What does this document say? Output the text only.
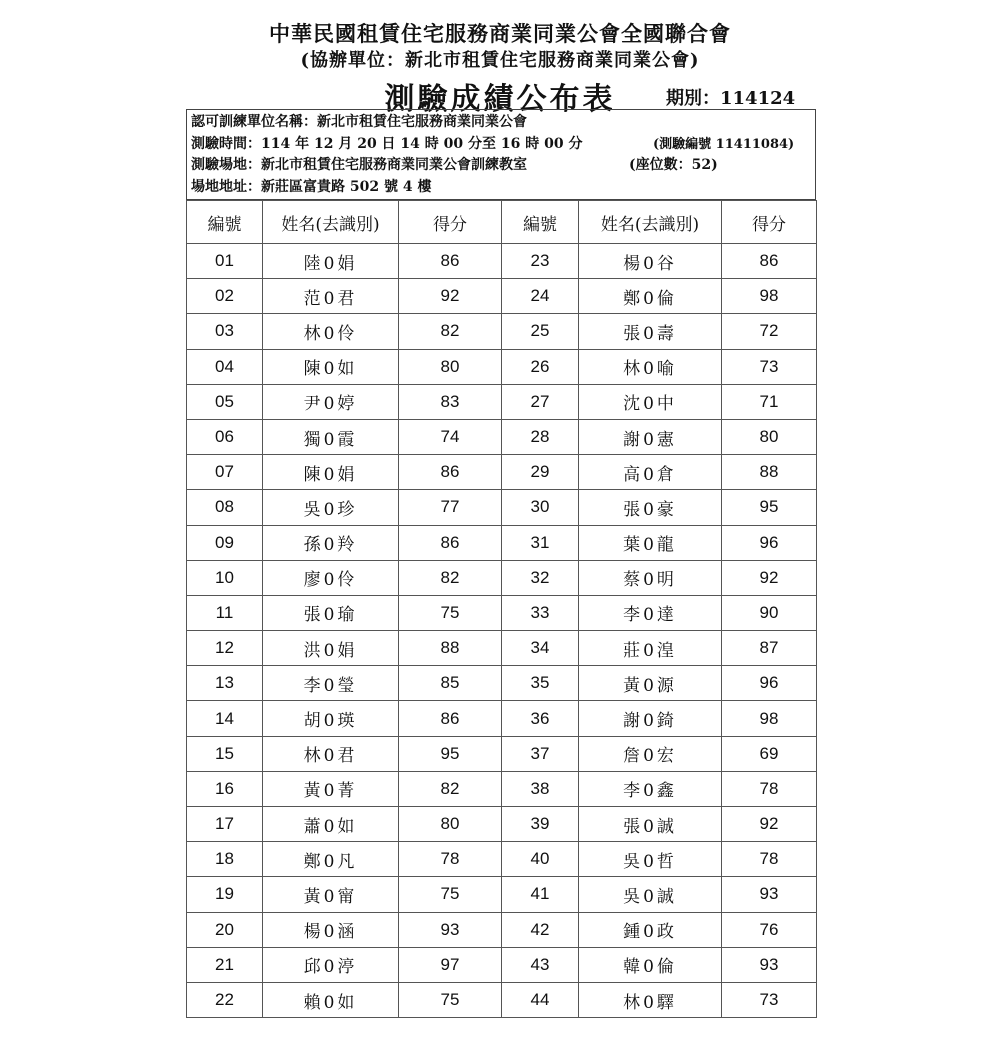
中華民國租賃住宅服務商業同業公會全國聯合會
(協辦單位：新北市租賃住宅服務商業同業公會)
測驗成績公布表	期別：114124
認可訓練單位名稱：新北市租賃住宅服務商業同業公會
測驗時間：114 年 12 月 20 日 14 時 00 分至 16 時 00 分	(測驗編號 11411084)
測驗場地：新北市租賃住宅服務商業同業公會訓練教室	(座位數：52)
場地地址：新莊區富貴路 502 號 4 樓
編號	姓名(去識別)	得分	編號	姓名(去識別)	得分
01	陸0娟	86	23	楊0谷	86
02	范0君	92	24	鄭0倫	98
03	林0伶	82	25	張0壽	72
04	陳0如	80	26	林0喻	73
05	尹0婷	83	27	沈0中	71
06	獨0霞	74	28	謝0憲	80
07	陳0娟	86	29	高0倉	88
08	吳0珍	77	30	張0豪	95
09	孫0羚	86	31	葉0龍	96
10	廖0伶	82	32	蔡0明	92
11	張0瑜	75	33	李0達	90
12	洪0娟	88	34	莊0湟	87
13	李0瑩	85	35	黃0源	96
14	胡0瑛	86	36	謝0錡	98
15	林0君	95	37	詹0宏	69
16	黃0菁	82	38	李0鑫	78
17	蕭0如	80	39	張0誠	92
18	鄭0凡	78	40	吳0哲	78
19	黃0甯	75	41	吳0誠	93
20	楊0涵	93	42	鍾0政	76
21	邱0渟	97	43	韓0倫	93
22	賴0如	75	44	林0驛	73
